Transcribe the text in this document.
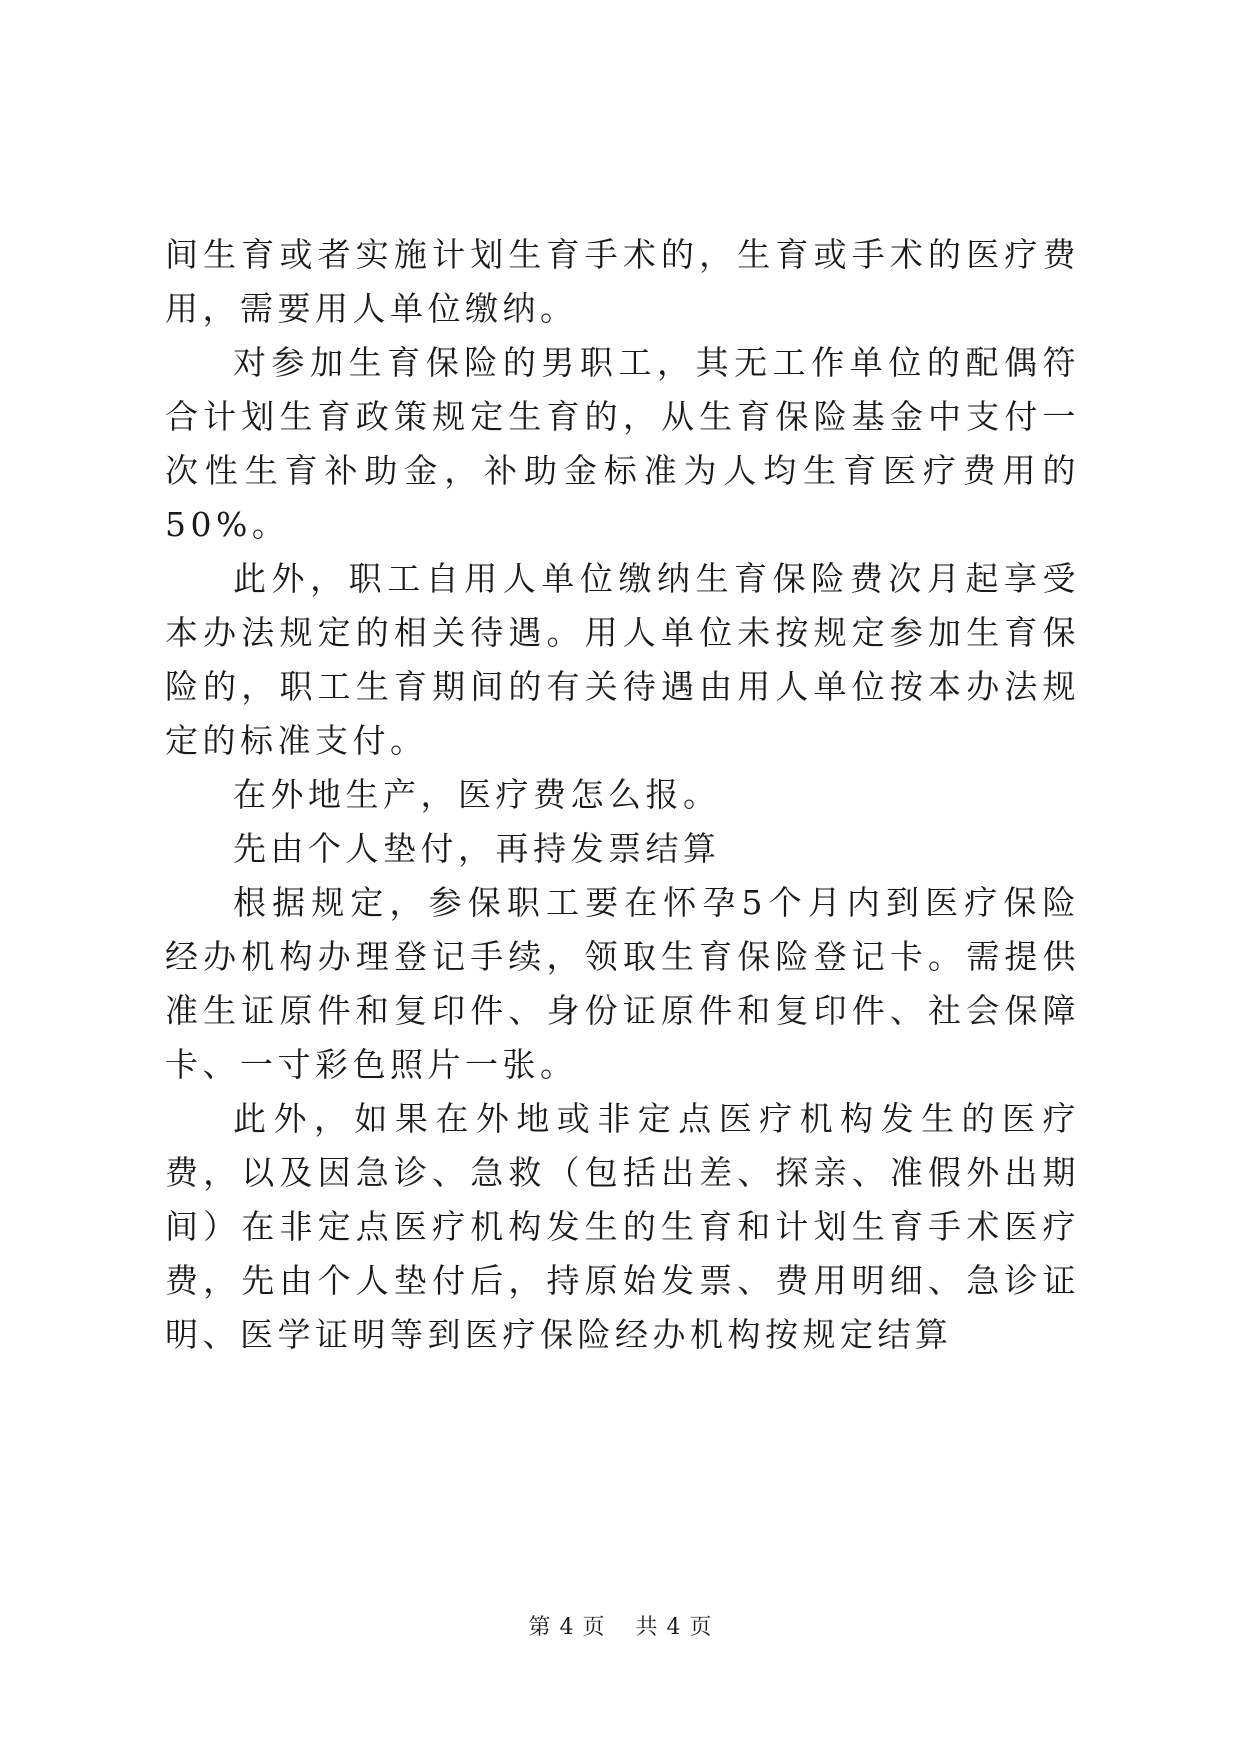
间生育或者实施计划生育手术的，生育或手术的医疗费用，需要用人单位缴纳。

对参加生育保险的男职工，其无工作单位的配偶符合计划生育政策规定生育的，从生育保险基金中支付一次性生育补助金，补助金标准为人均生育医疗费用的50%。

此外，职工自用人单位缴纳生育保险费次月起享受本办法规定的相关待遇。用人单位未按规定参加生育保险的，职工生育期间的有关待遇由用人单位按本办法规定的标准支付。

在外地生产，医疗费怎么报。

先由个人垫付，再持发票结算

根据规定，参保职工要在怀孕5个月内到医疗保险经办机构办理登记手续，领取生育保险登记卡。需提供准生证原件和复印件、身份证原件和复印件、社会保障卡、一寸彩色照片一张。

此外，如果在外地或非定点医疗机构发生的医疗费，以及因急诊、急救（包括出差、探亲、准假外出期间）在非定点医疗机构发生的生育和计划生育手术医疗费，先由个人垫付后，持原始发票、费用明细、急诊证明、医学证明等到医疗保险经办机构按规定结算

第 4 页 共 4 页
